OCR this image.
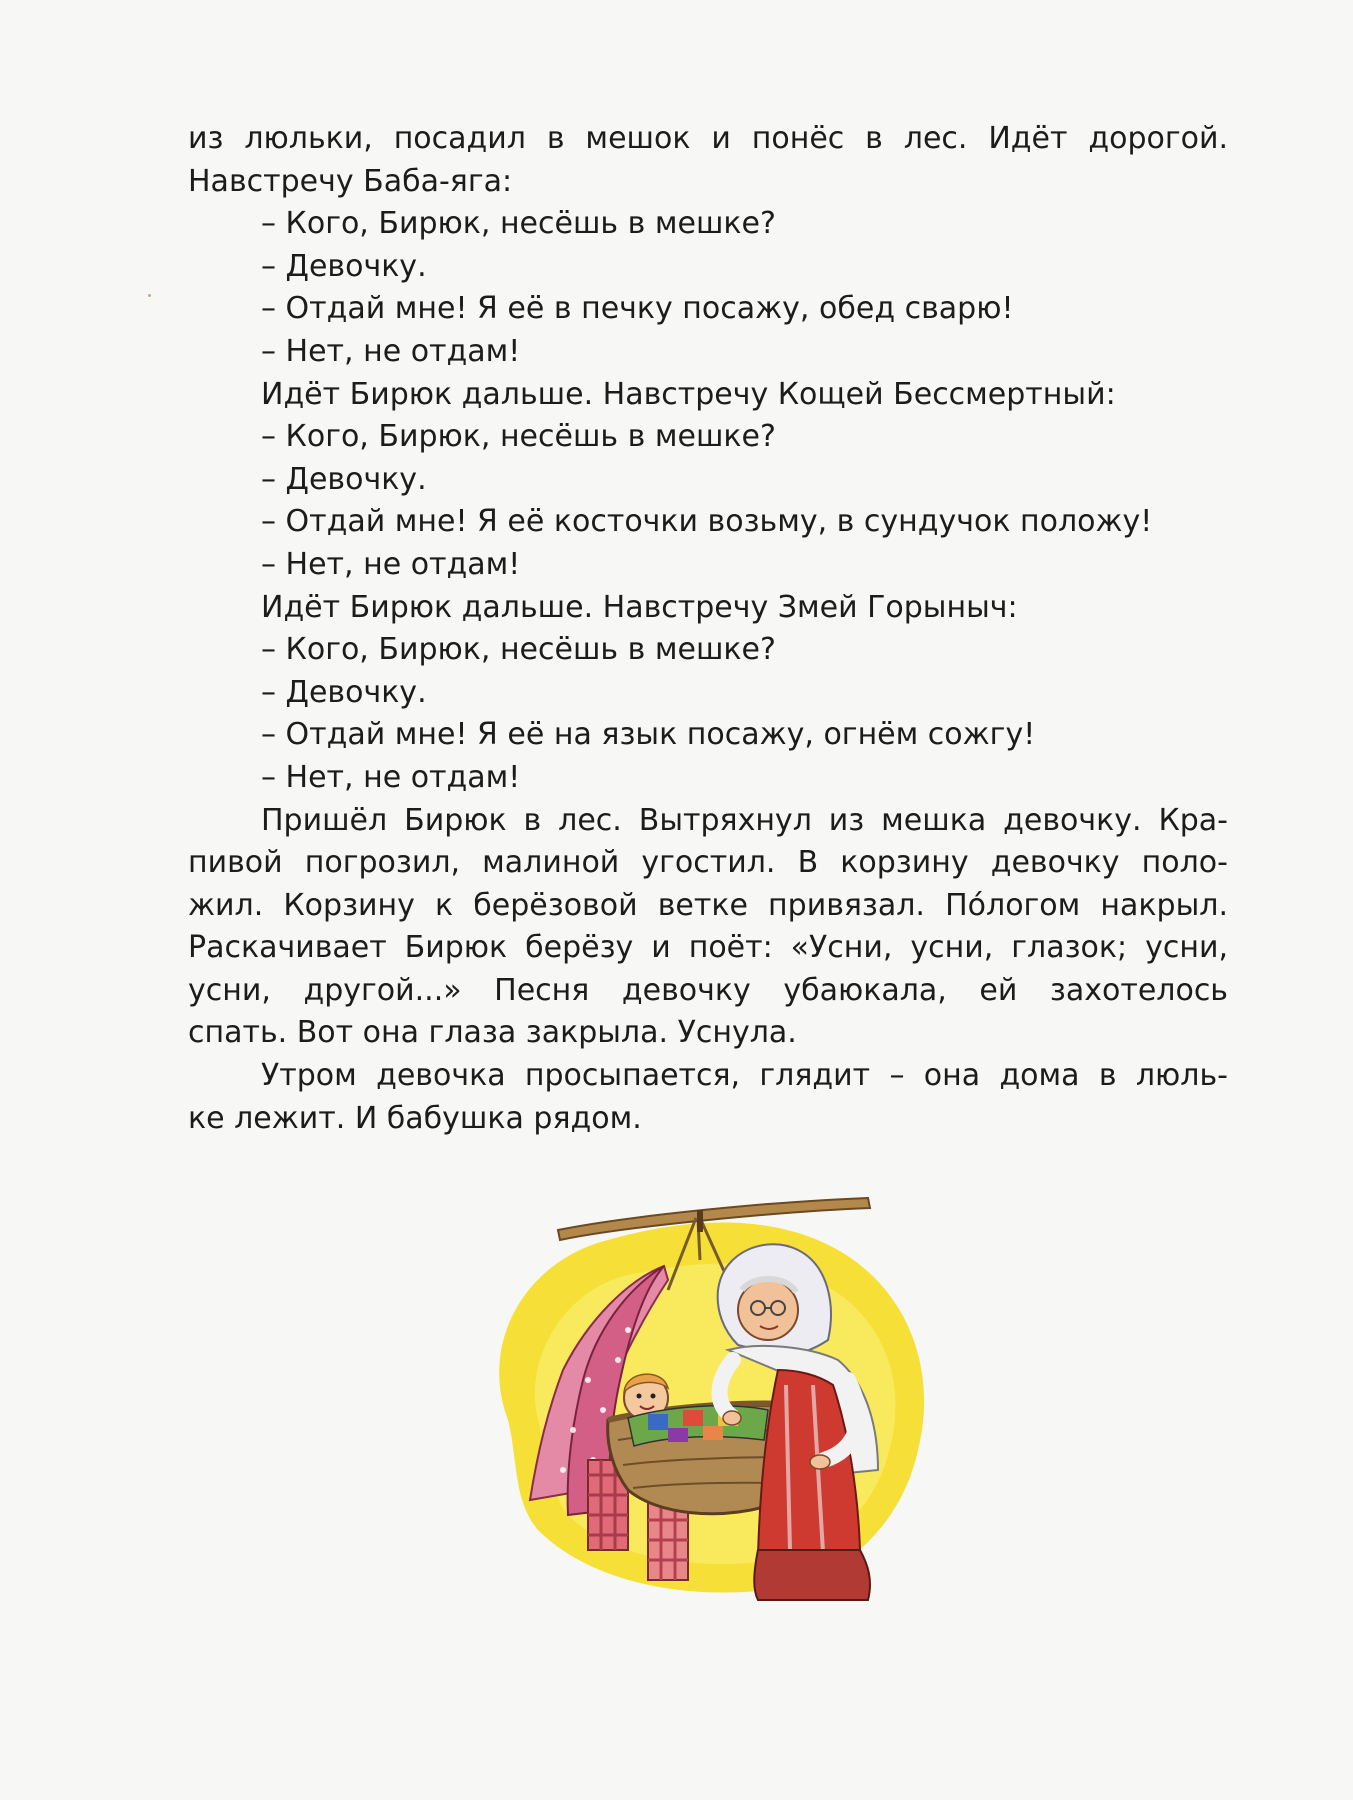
из люльки, посадил в мешок и понёс в лес. Идёт дорогой.
Навстречу Баба-яга:
– Кого, Бирюк, несёшь в мешке?
– Девочку.
– Отдай мне! Я её в печку посажу, обед сварю!
– Нет, не отдам!
Идёт Бирюк дальше. Навстречу Кощей Бессмертный:
– Кого, Бирюк, несёшь в мешке?
– Девочку.
– Отдай мне! Я её косточки возьму, в сундучок положу!
– Нет, не отдам!
Идёт Бирюк дальше. Навстречу Змей Горыныч:
– Кого, Бирюк, несёшь в мешке?
– Девочку.
– Отдай мне! Я её на язык посажу, огнём сожгу!
– Нет, не отдам!
Пришёл Бирюк в лес. Вытряхнул из мешка девочку. Кра-
пивой погрозил, малиной угостил. В корзину девочку поло-
жил. Корзину к берёзовой ветке привязал. По́логом накрыл.
Раскачивает Бирюк берёзу и поёт: «Усни, усни, глазок; усни,
усни, другой...» Песня девочку убаюкала, ей захотелось
спать. Вот она глаза закрыла. Уснула.
Утром девочка просыпается, глядит – она дома в люль-
ке лежит. И бабушка рядом.
